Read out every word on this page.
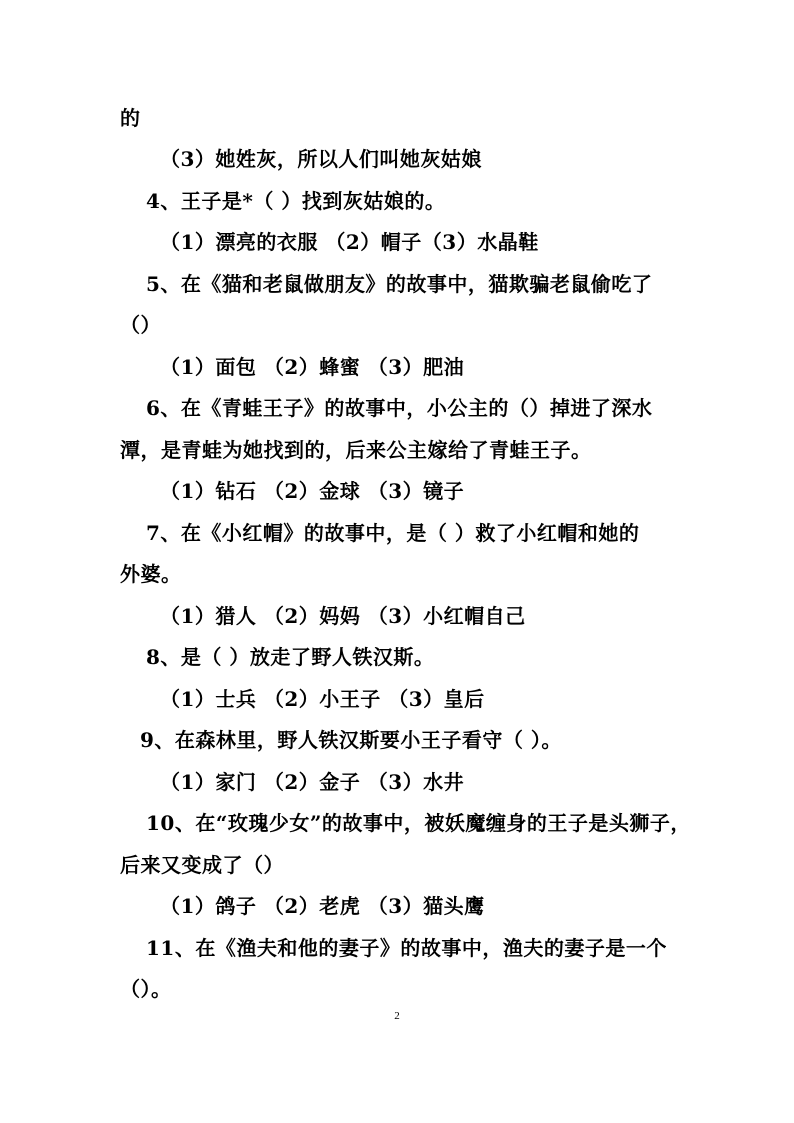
的
（3）她姓灰，所以人们叫她灰姑娘
4、王子是*（ ）找到灰姑娘的。
（1）漂亮的衣服 （2）帽子（3）水晶鞋
5、在《猫和老鼠做朋友》的故事中，猫欺骗老鼠偷吃了
（）
（1）面包 （2）蜂蜜 （3）肥油
6、在《青蛙王子》的故事中，小公主的（）掉进了深水
潭，是青蛙为她找到的，后来公主嫁给了青蛙王子。
（1）钻石 （2）金球 （3）镜子
7、在《小红帽》的故事中，是（ ）救了小红帽和她的
外婆。
（1）猎人 （2）妈妈 （3）小红帽自己
8、是（ ）放走了野人铁汉斯。
（1）士兵 （2）小王子 （3）皇后
9、在森林里，野人铁汉斯要小王子看守（ ）。
（1）家门 （2）金子 （3）水井
10、在“玫瑰少女”的故事中，被妖魔缠身的王子是头狮子，
后来又变成了（）
（1）鸽子 （2）老虎 （3）猫头鹰
11、在《渔夫和他的妻子》的故事中，渔夫的妻子是一个
（）。
2
